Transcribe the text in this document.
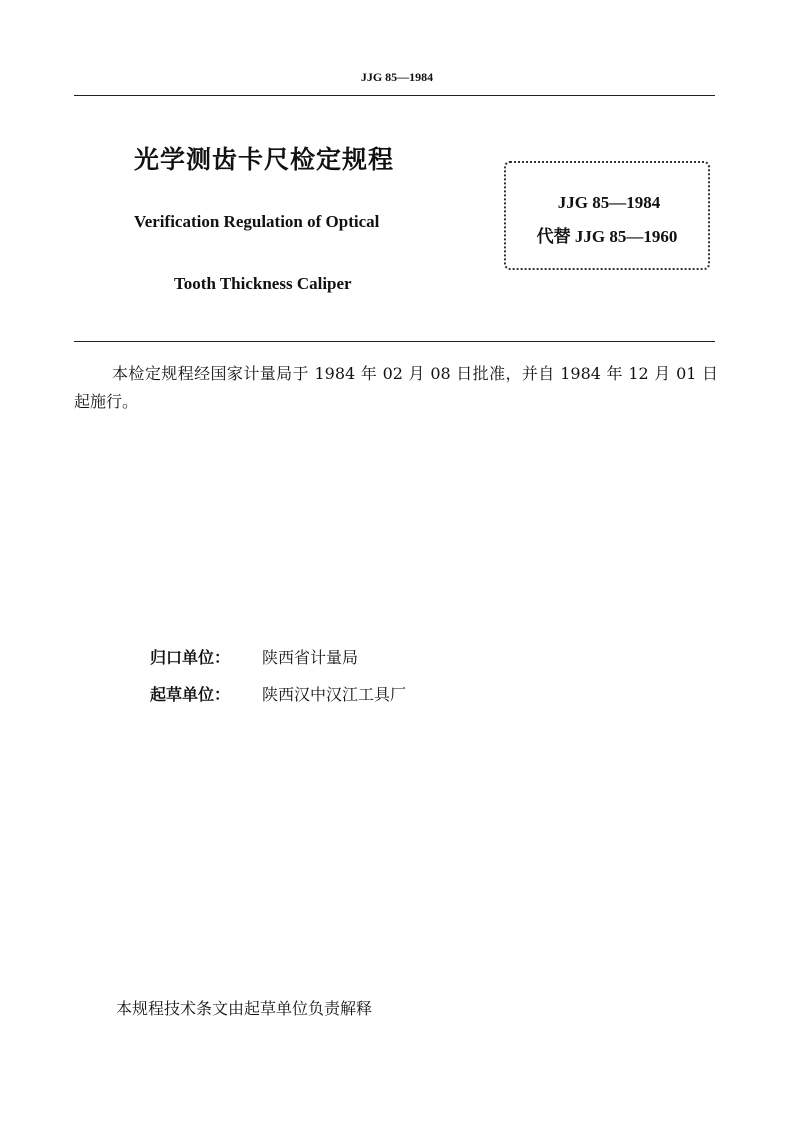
JJG 85—1984
光学测齿卡尺检定规程
Verification Regulation of Optical
Tooth Thickness Caliper
JJG 85—1984
代替 JJG 85—1960
本检定规程经国家计量局于 1984 年 02 月 08 日批准，并自 1984 年 12 月 01 日起施行。
归口单位： 陕西省计量局
起草单位： 陕西汉中汉江工具厂
本规程技术条文由起草单位负责解释
